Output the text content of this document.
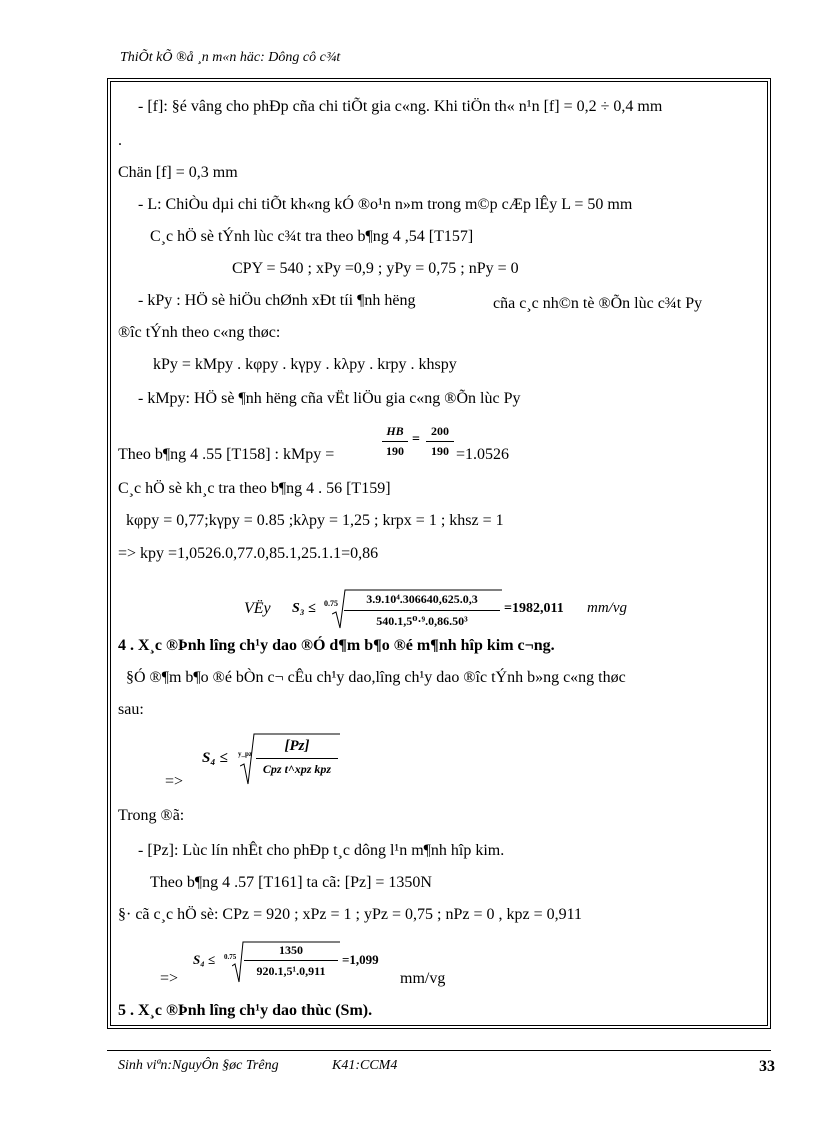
ThiÕt kÕ ®å ¸n m«n häc: Dông cô c¾t
- [f]: §é vâng cho phÐp cña chi tiÕt gia c«ng. Khi tiÖn th« n¹n [f] = 0,2 ÷ 0,4 mm
.
Chän [f] = 0,3 mm
- L: ChiÒu dµi chi tiÕt kh«ng kÓ ®o¹n n»m trong m©p cÆp lÊy L = 50 mm
C¸c hÖ sè tÝnh lùc c¾t tra theo b¶ng 4 ,54 [T157]
CPY = 540 ; xPy =0,9 ; yPy = 0,75 ; nPy = 0
- kPy : HÖ sè hiÖu chØnh xÐt tíi ¶nh hëng	cña c¸c nh©n tè ®Õn lùc c¾t Py
®îc tÝnh theo c«ng thøc:
kPy = kMpy . kφpy . kγpy . kλpy . krpy . khspy
- kMpy: HÖ sè ¶nh hëng cña vËt liÖu gia c«ng ®Õn lùc Py
Theo b¶ng 4 .55 [T158] : kMpy =
HB
190
=
200
190 =1.0526
C¸c hÖ sè kh¸c tra theo b¶ng 4 . 56 [T159]
kφpy = 0,77;kγpy = 0.85 ;kλpy = 1,25 ; krpx = 1 ; khsz = 1
=> kpy =1,0526.0,77.0,85.1,25.1.1=0,86
VËy S₃ ≤ 0.75	3.9.10⁴.306640,625.0,3
540.1,5⁰·⁹.0,86.50³
=1982,011 mm/vg
4 . X¸c ®Þnh lîng ch¹y dao ®Ó d¶m b¶o ®é m¶nh hîp kim c¬ng.
§Ó ®¶m b¶o ®é bÒn c¬ cÊu ch¹y dao,lîng ch¹y dao ®îc tÝnh b»ng c«ng thøc
sau:
S₄ ≤ y_pz	[Pz]
Cpz t^xpz kpz
=>
Trong ®ã:
- [Pz]: Lùc lín nhÊt cho phÐp t¸c dông l¹n m¶nh hîp kim.
Theo b¶ng 4 .57 [T161] ta cã: [Pz] = 1350N
§· cã c¸c hÖ sè: CPz = 920 ; xPz = 1 ; yPz = 0,75 ; nPz = 0 , kpz = 0,911
S₄ ≤ 0.75	1350
920.1,5¹.0,911
=1,099
=>	mm/vg
5 . X¸c ®Þnh lîng ch¹y dao thùc (Sm).
Sinh viªn:NguyÔn §øc Trêng	K41:CCM4	33
